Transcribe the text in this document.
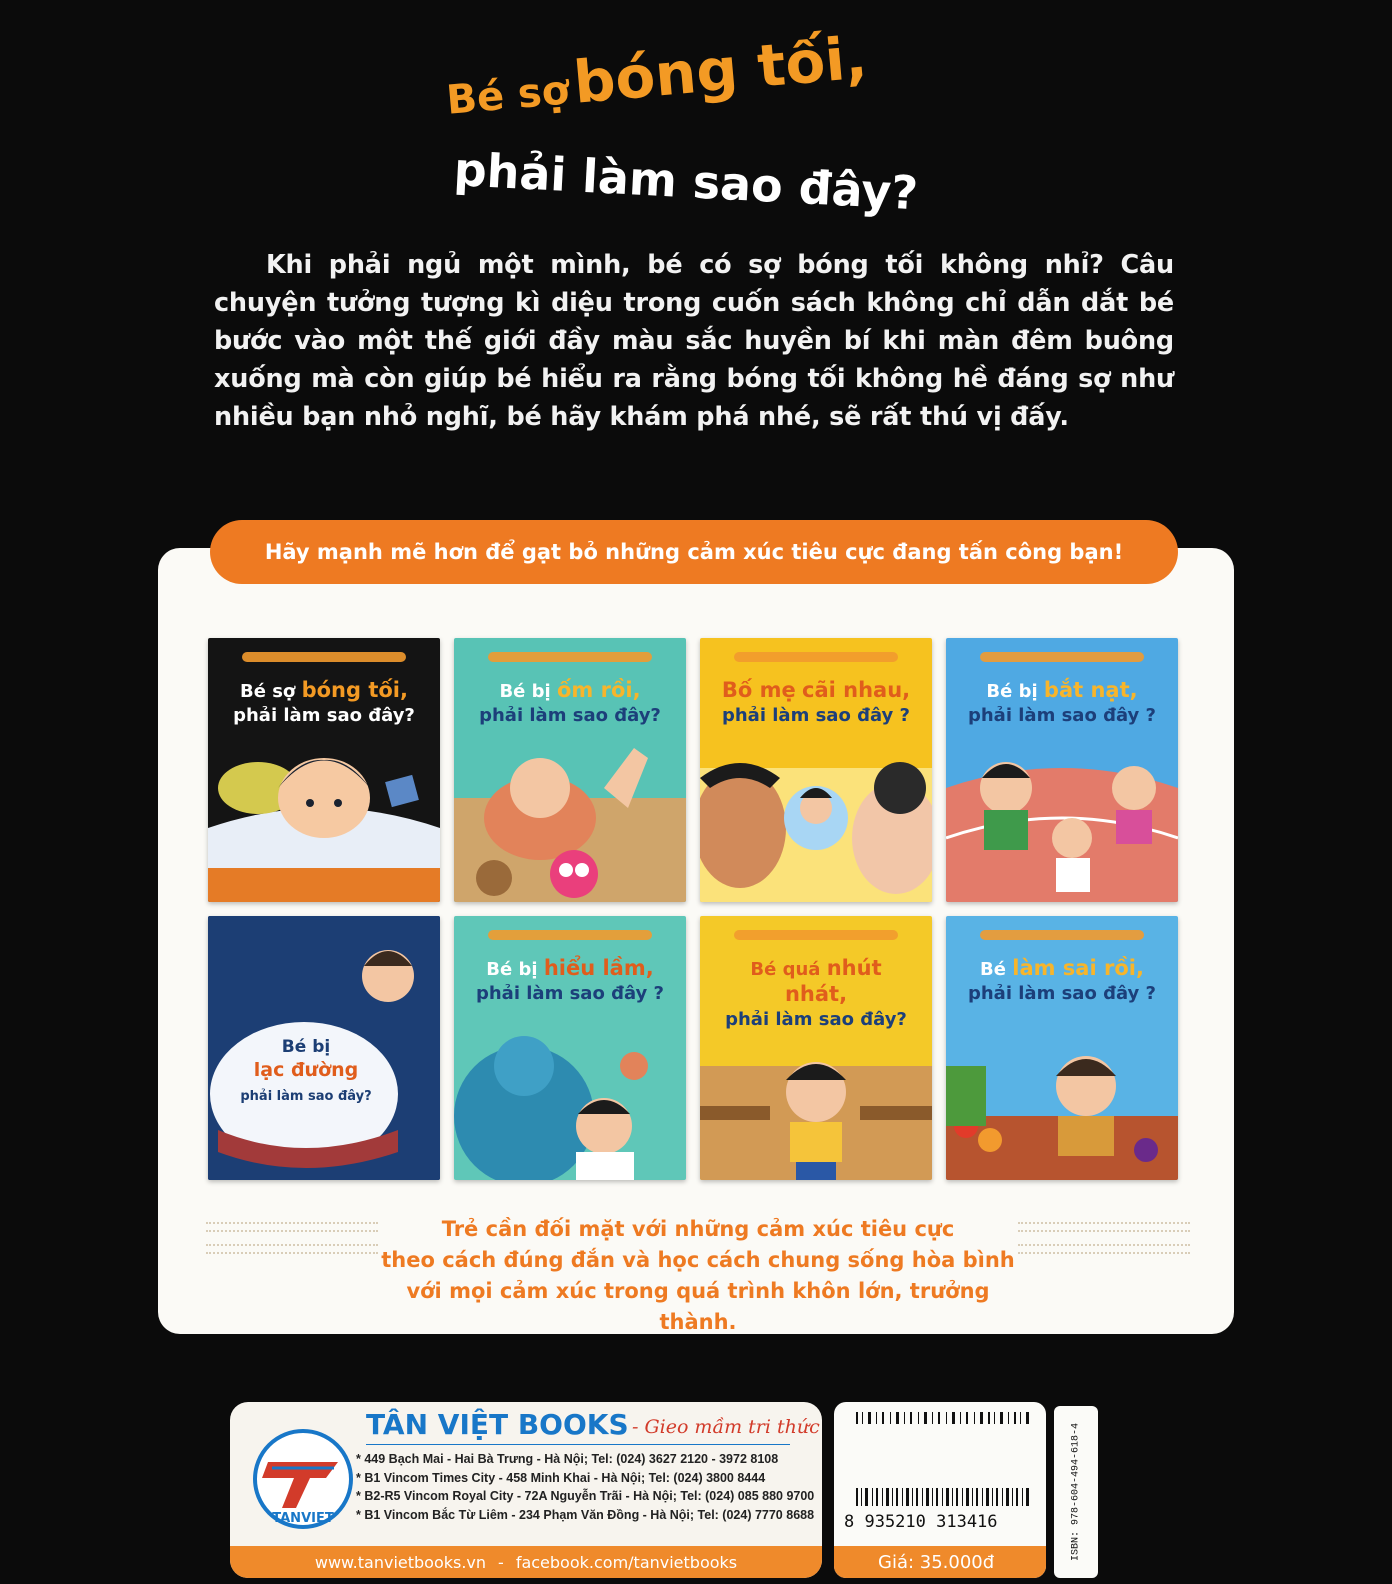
Bé sợ bóng tối,
phải làm sao đây?

Khi phải ngủ một mình, bé có sợ bóng tối không nhỉ? Câu chuyện tưởng tượng kì diệu trong cuốn sách không chỉ dẫn dắt bé bước vào một thế giới đầy màu sắc huyền bí khi màn đêm buông xuống mà còn giúp bé hiểu ra rằng bóng tối không hề đáng sợ như nhiều bạn nhỏ nghĩ, bé hãy khám phá nhé, sẽ rất thú vị đấy.

Hãy mạnh mẽ hơn để gạt bỏ những cảm xúc tiêu cực đang tấn công bạn!
Bé sợ bóng tối,
phải làm sao đây?
Bé bị ốm rồi,
phải làm sao đây?
Bố mẹ cãi nhau,
phải làm sao đây ?
Bé bị bắt nạt,
phải làm sao đây ?
Bé bị
lạc đường
phải làm sao đây?
Bé bị hiểu lầm,
phải làm sao đây ?
Bé quá nhút nhát,
phải làm sao đây?
Bé làm sai rồi,
phải làm sao đây ?
Trẻ cần đối mặt với những cảm xúc tiêu cực
theo cách đúng đắn và học cách chung sống hòa bình
với mọi cảm xúc trong quá trình khôn lớn, trưởng thành.
TANVIET
TÂN VIỆT BOOKS - Gieo mầm tri thức
* 449 Bạch Mai - Hai Bà Trưng - Hà Nội; Tel: (024) 3627 2120 - 3972 8108
* B1 Vincom Times City - 458 Minh Khai - Hà Nội; Tel: (024) 3800 8444
* B2-R5 Vincom Royal City - 72A Nguyễn Trãi - Hà Nội; Tel: (024) 085 880 9700
* B1 Vincom Bắc Từ Liêm - 234 Phạm Văn Đồng - Hà Nội; Tel: (024) 7770 8688
www.tanvietbooks.vn - facebook.com/tanvietbooks
8 935210 313416
Giá: 35.000đ
ISBN: 978-604-494-618-4
